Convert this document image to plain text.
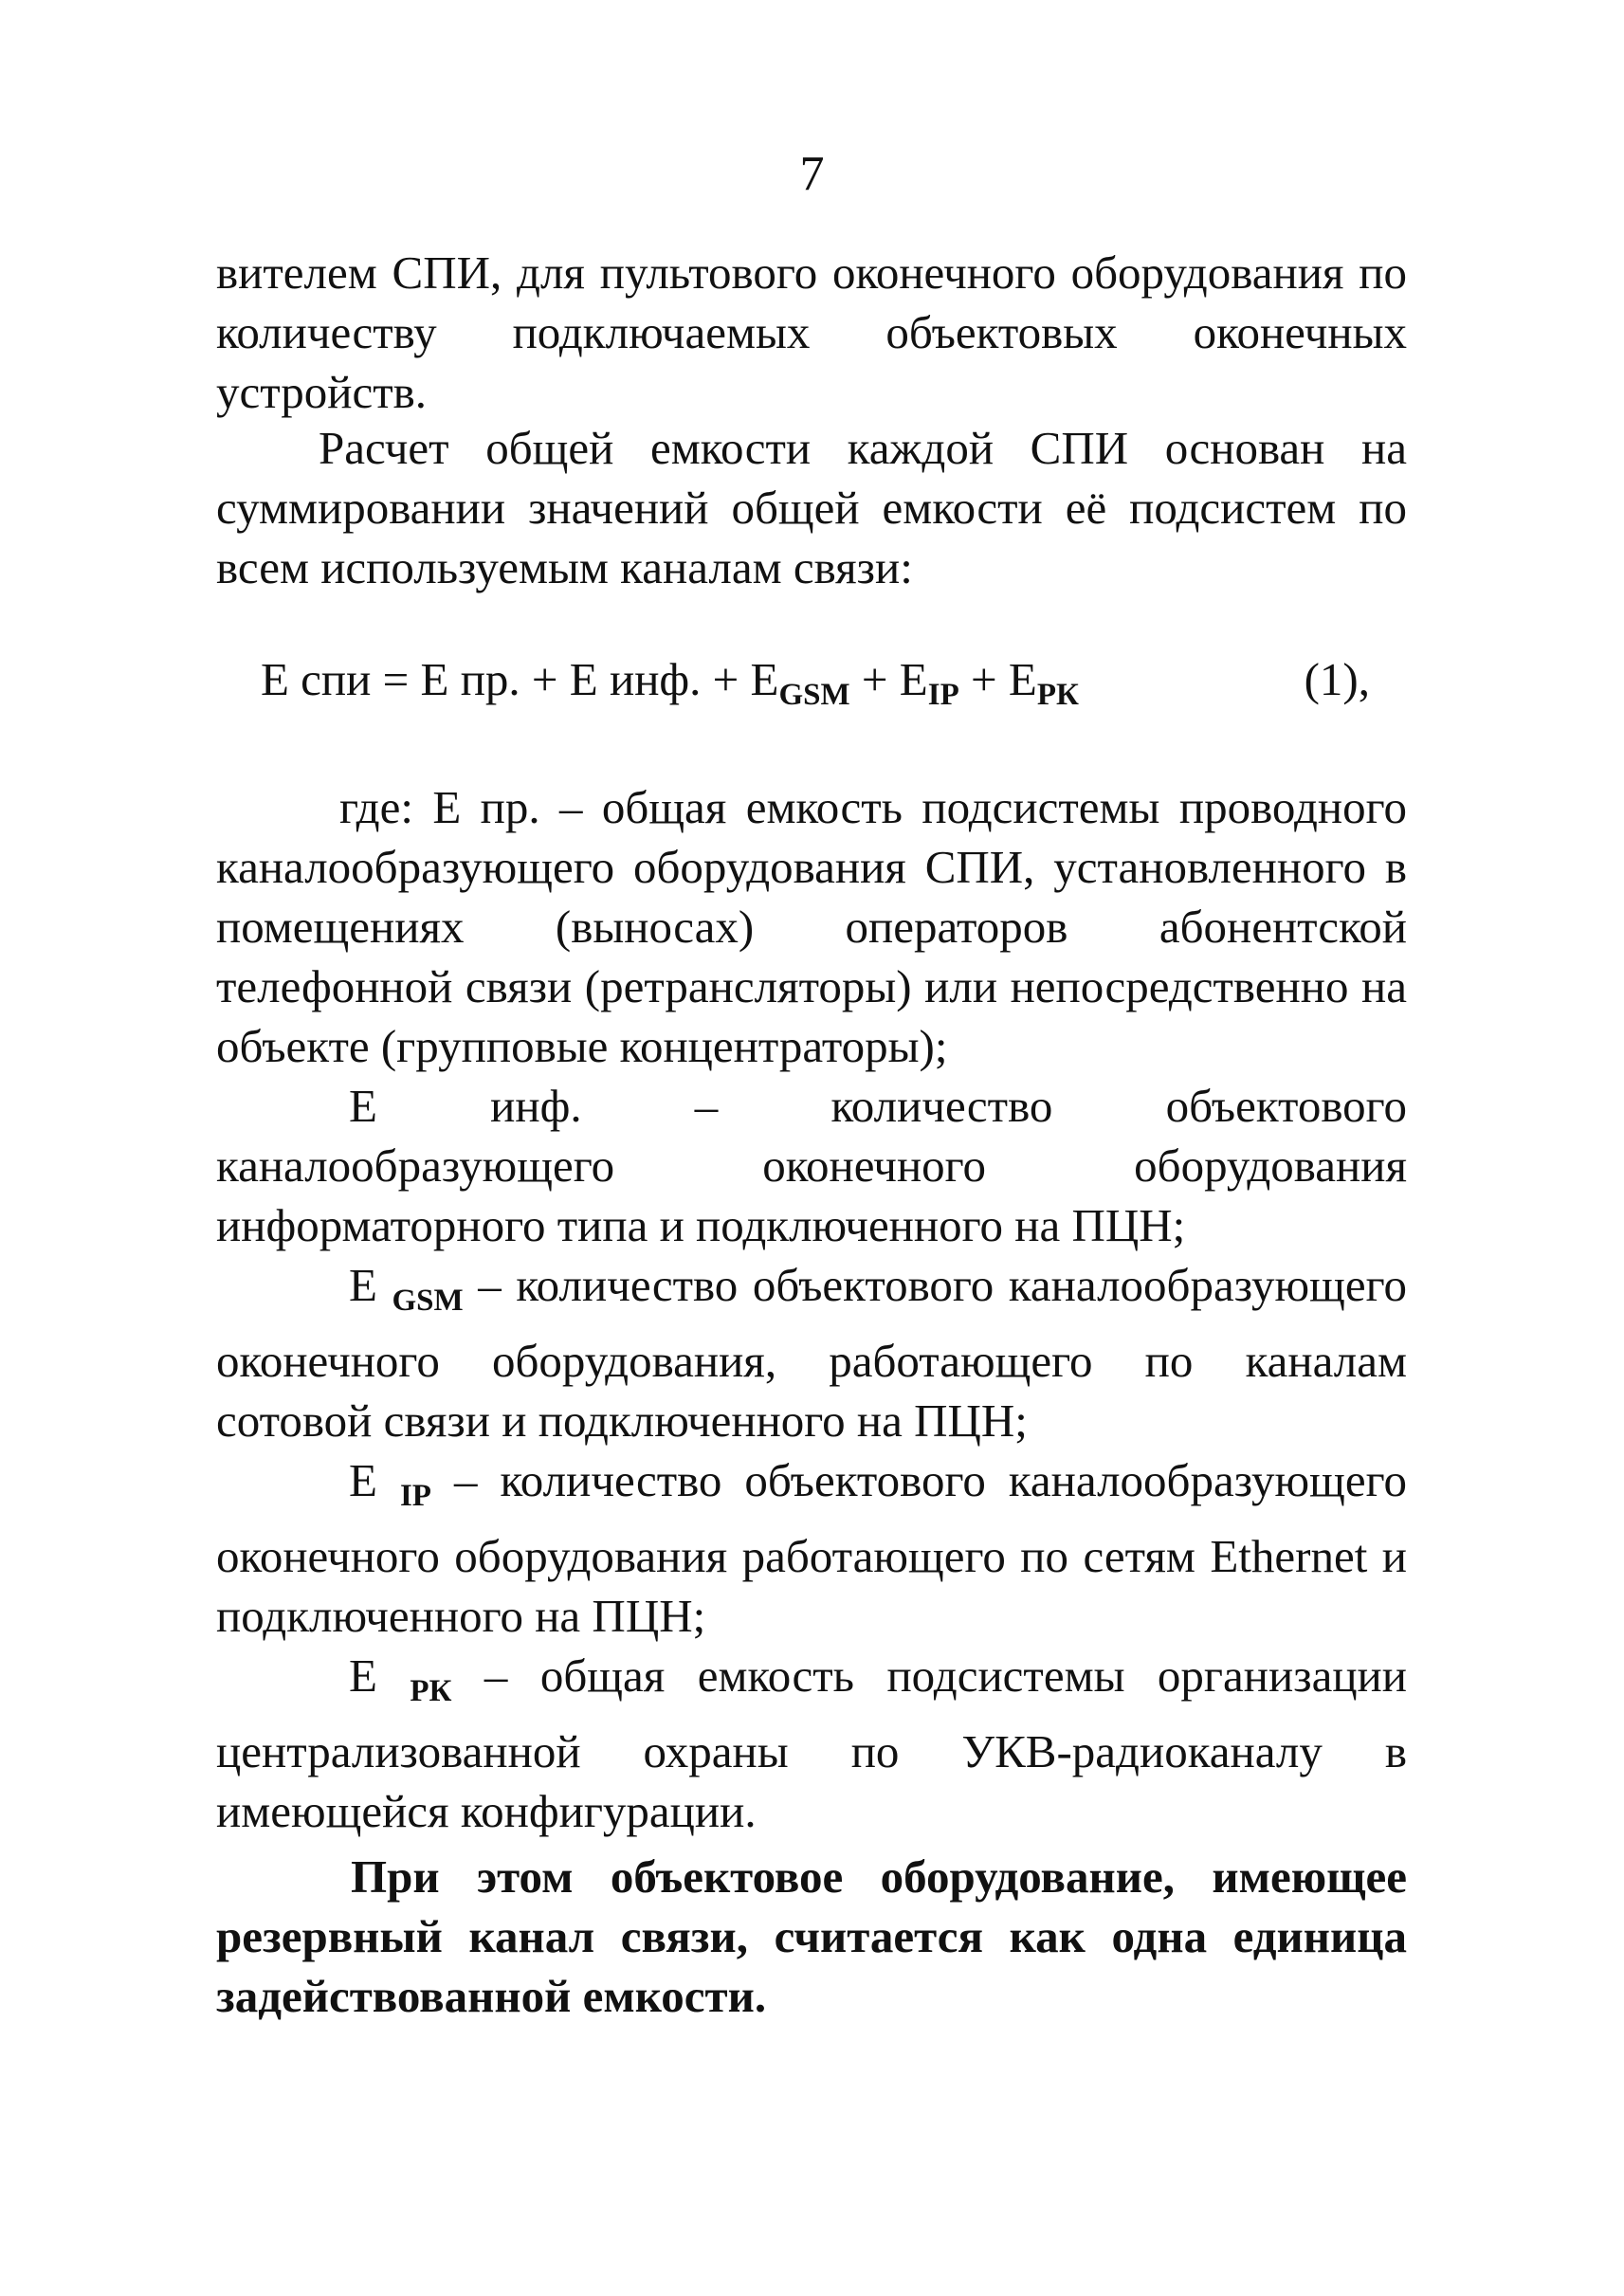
7
вителем СПИ, для пультового оконечного оборудования по количеству подключаемых объектовых оконечных устройств.
Расчет общей емкости каждой СПИ основан на суммировании значений общей емкости её подсистем по всем используемым каналам связи:
Е спи = Е пр. + Е инф. + $Е_{GSM} + Е_{IP} + Е_{РК}$	(1),

где: Е пр. – общая емкость подсистемы проводного каналообразующего оборудования СПИ, установленного в помещениях (выносах) операторов абонентской телефонной связи (ретрансляторы) или непосредственно на объекте (групповые концентраторы);

Е инф. – количество объектового каналообразующего оконечного оборудования информаторного типа и подключенного на ПЦН;

Е $_{GSM}$ – количество объектового каналообразующего оконечного оборудования, работающего по каналам сотовой связи и подключенного на ПЦН;

Е $_{IP}$ – количество объектового каналообразующего оконечного оборудования работающего по сетям Ethernet и подключенного на ПЦН;

Е $_{РК}$ – общая емкость подсистемы организации централизованной охраны по УКВ-радиоканалу в имеющейся конфигурации.

При этом объектовое оборудование, имеющее резервный канал связи, считается как одна единица задействованной емкости.
